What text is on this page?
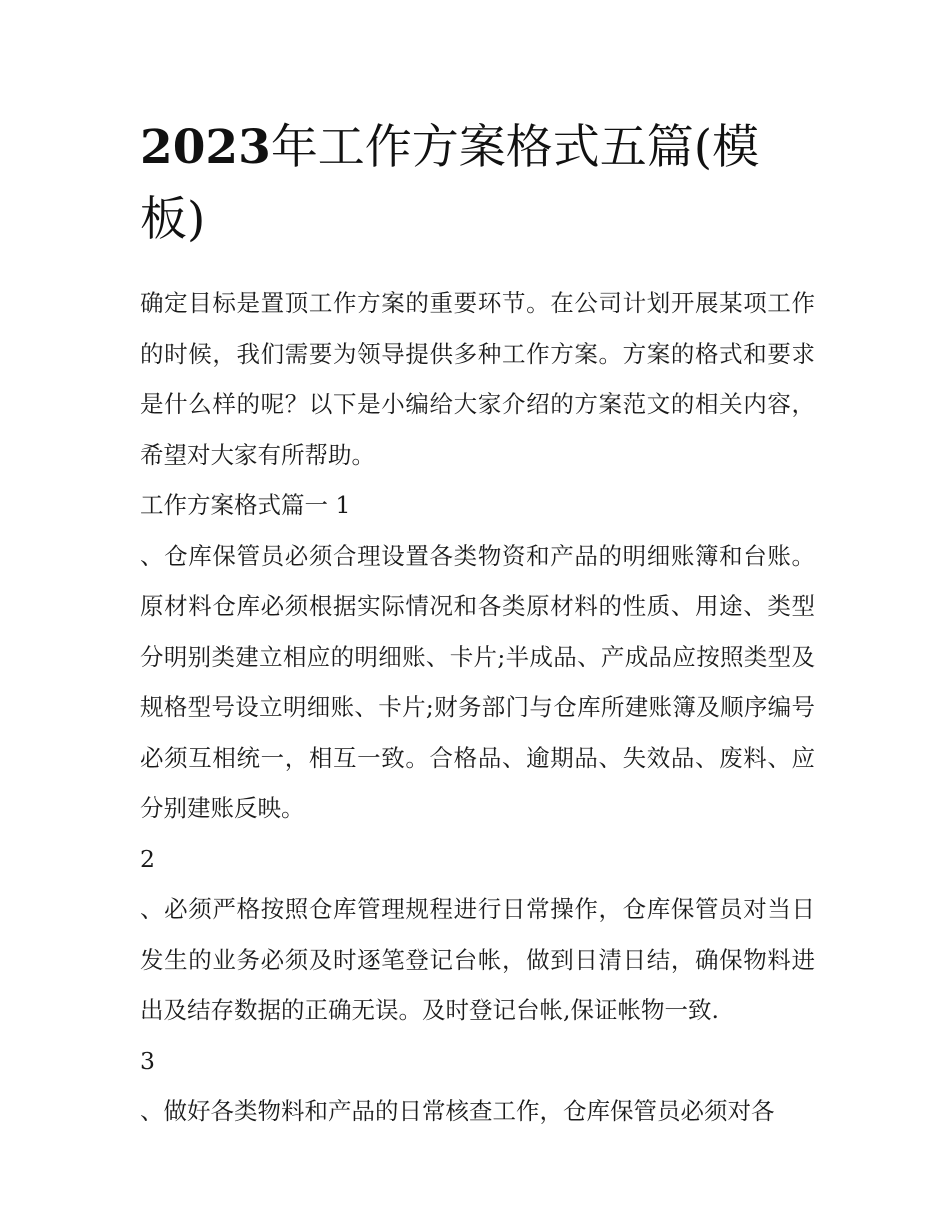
2023年工作方案格式五篇(模板)

确定目标是置顶工作方案的重要环节。在公司计划开展某项工作的时候，我们需要为领导提供多种工作方案。方案的格式和要求是什么样的呢？以下是小编给大家介绍的方案范文的相关内容，希望对大家有所帮助。

工作方案格式篇一 1

、仓库保管员必须合理设置各类物资和产品的明细账簿和台账。原材料仓库必须根据实际情况和各类原材料的性质、用途、类型分明别类建立相应的明细账、卡片;半成品、产成品应按照类型及规格型号设立明细账、卡片;财务部门与仓库所建账簿及顺序编号必须互相统一，相互一致。合格品、逾期品、失效品、废料、应分别建账反映。

2

、必须严格按照仓库管理规程进行日常操作，仓库保管员对当日发生的业务必须及时逐笔登记台帐，做到日清日结，确保物料进出及结存数据的正确无误。及时登记台帐,保证帐物一致.

3

、做好各类物料和产品的日常核查工作，仓库保管员必须对各
